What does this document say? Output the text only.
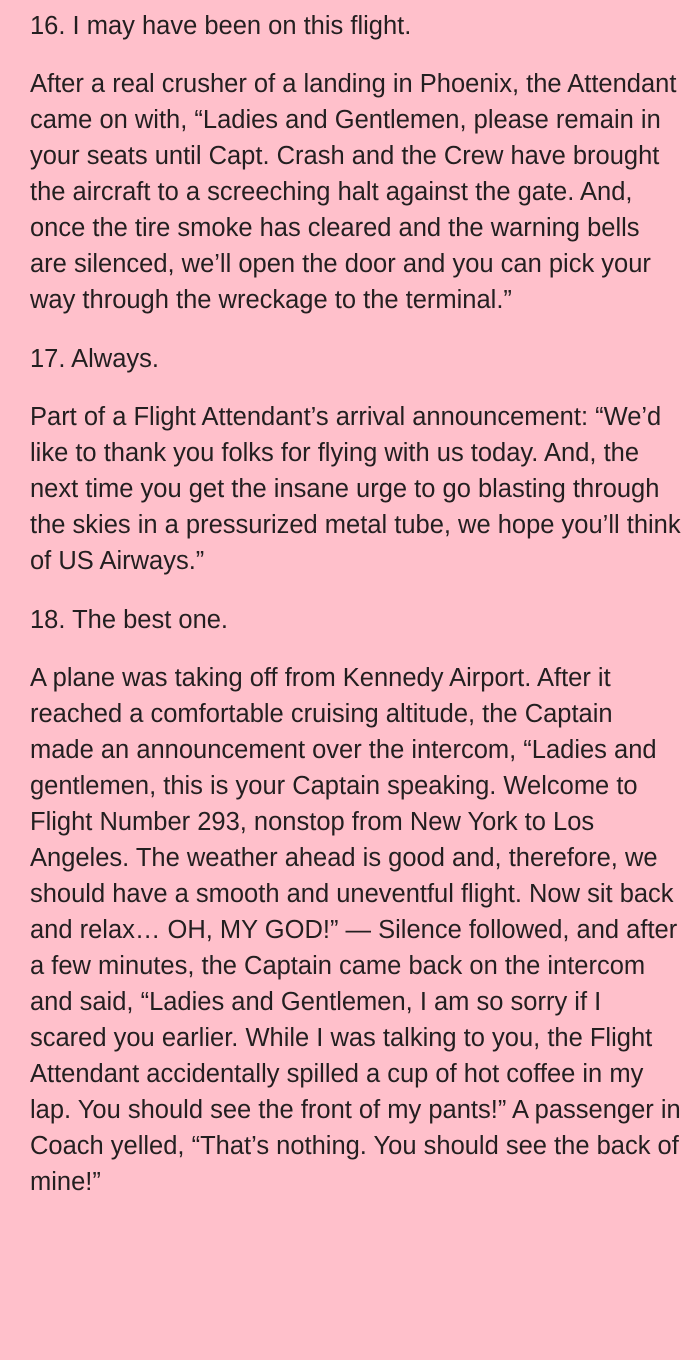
16. I may have been on this flight.

After a real crusher of a landing in Phoenix, the Attendant came on with, “Ladies and Gentlemen, please remain in your seats until Capt. Crash and the Crew have brought the aircraft to a screeching halt against the gate. And, once the tire smoke has cleared and the warning bells are silenced, we’ll open the door and you can pick your way through the wreckage to the terminal.”

17. Always.

Part of a Flight Attendant’s arrival announcement: “We’d like to thank you folks for flying with us today. And, the next time you get the insane urge to go blasting through the skies in a pressurized metal tube, we hope you’ll think of US Airways.”

18. The best one.

A plane was taking off from Kennedy Airport. After it reached a comfortable cruising altitude, the Captain made an announcement over the intercom, “Ladies and gentlemen, this is your Captain speaking. Welcome to Flight Number 293, nonstop from New York to Los Angeles. The weather ahead is good and, therefore, we should have a smooth and uneventful flight. Now sit back and relax… OH, MY GOD!” — Silence followed, and after a few minutes, the Captain came back on the intercom and said, “Ladies and Gentlemen, I am so sorry if I scared you earlier. While I was talking to you, the Flight Attendant accidentally spilled a cup of hot coffee in my lap. You should see the front of my pants!” A passenger in Coach yelled, “That’s nothing. You should see the back of mine!”
